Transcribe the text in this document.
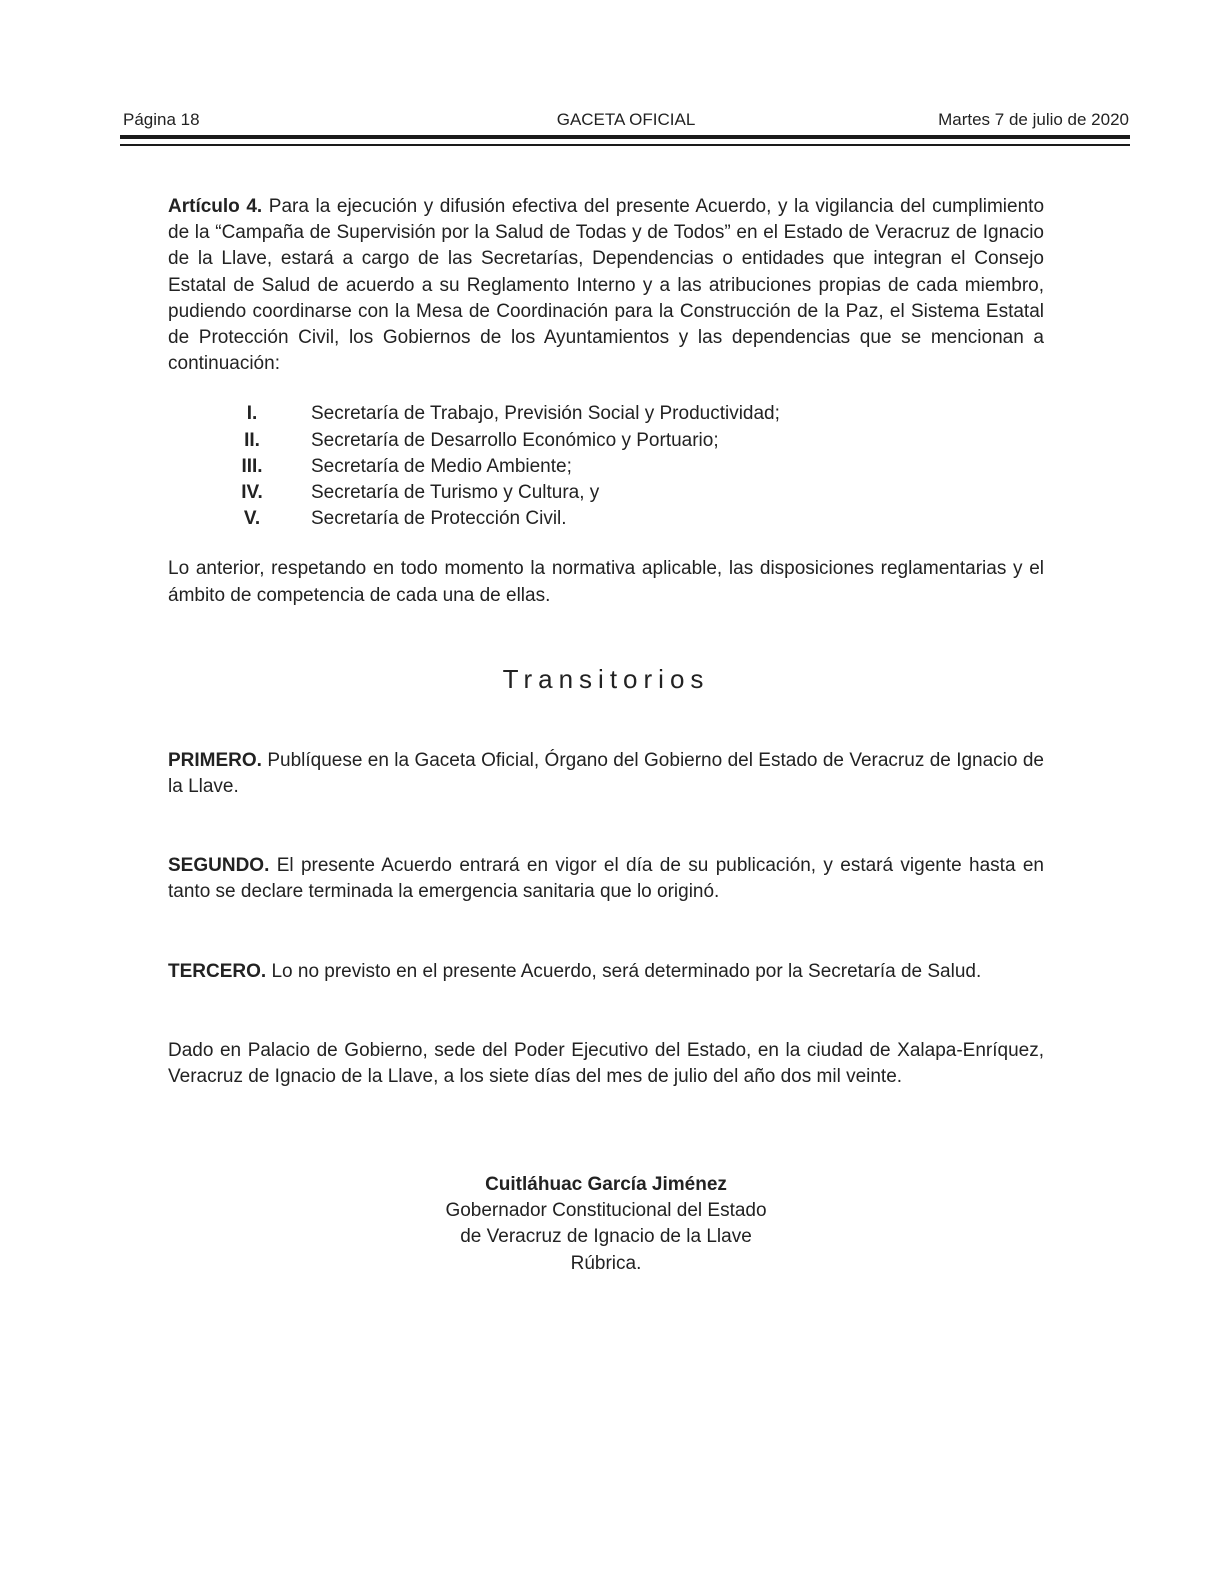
Página 18	GACETA OFICIAL	Martes 7 de julio de 2020

Artículo 4. Para la ejecución y difusión efectiva del presente Acuerdo, y la vigilancia del cumplimiento de la “Campaña de Supervisión por la Salud de Todas y de Todos” en el Estado de Veracruz de Ignacio de la Llave, estará a cargo de las Secretarías, Dependencias o entidades que integran el Consejo Estatal de Salud de acuerdo a su Reglamento Interno y a las atribuciones propias de cada miembro, pudiendo coordinarse con la Mesa de Coordinación para la Construcción de la Paz, el Sistema Estatal de Protección Civil, los Gobiernos de los Ayuntamientos y las dependencias que se mencionan a continuación:

I.	Secretaría de Trabajo, Previsión Social y Productividad;
II.	Secretaría de Desarrollo Económico y Portuario;
III.	Secretaría de Medio Ambiente;
IV.	Secretaría de Turismo y Cultura, y
V.	Secretaría de Protección Civil.

Lo anterior, respetando en todo momento la normativa aplicable, las disposiciones reglamentarias y el ámbito de competencia de cada una de ellas.

Transitorios

PRIMERO. Publíquese en la Gaceta Oficial, Órgano del Gobierno del Estado de Veracruz de Ignacio de la Llave.

SEGUNDO. El presente Acuerdo entrará en vigor el día de su publicación, y estará vigente hasta en tanto se declare terminada la emergencia sanitaria que lo originó.

TERCERO. Lo no previsto en el presente Acuerdo, será determinado por la Secretaría de Salud.

Dado en Palacio de Gobierno, sede del Poder Ejecutivo del Estado, en la ciudad de Xalapa-Enríquez, Veracruz de Ignacio de la Llave, a los siete días del mes de julio del año dos mil veinte.

Cuitláhuac García Jiménez
Gobernador Constitucional del Estado
de Veracruz de Ignacio de la Llave
Rúbrica.
